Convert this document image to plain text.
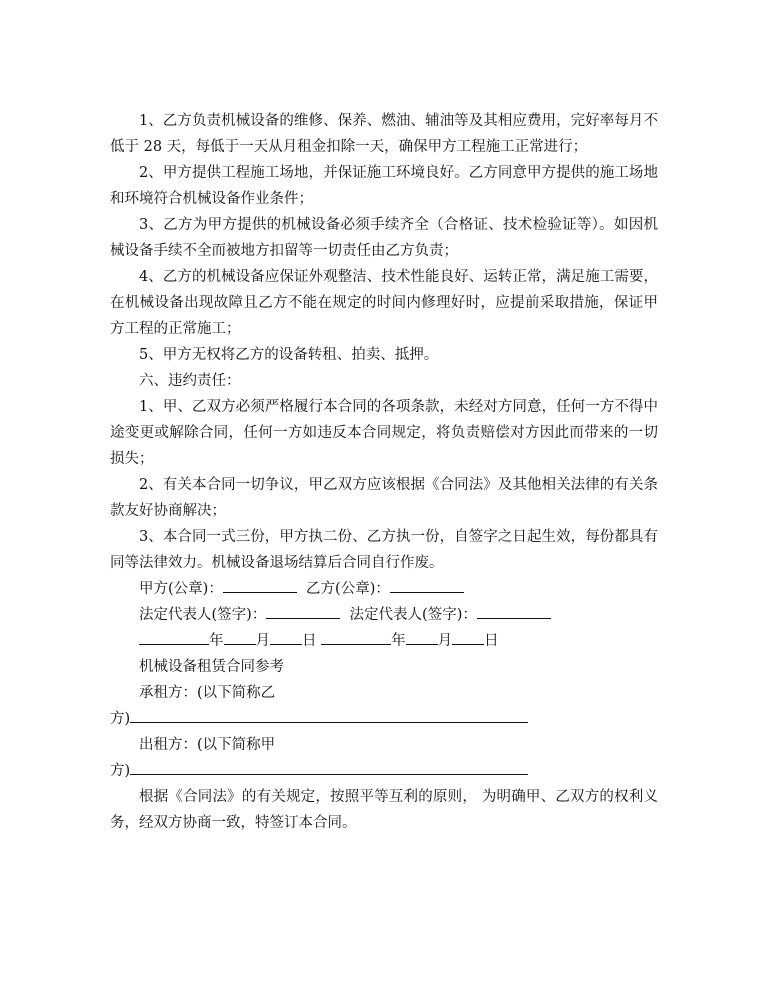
1、乙方负责机械设备的维修、保养、燃油、辅油等及其相应费用，完好率每月不低于 28 天，每低于一天从月租金扣除一天，确保甲方工程施工正常进行；

2、甲方提供工程施工场地，并保证施工环境良好。乙方同意甲方提供的施工场地和环境符合机械设备作业条件；

3、乙方为甲方提供的机械设备必须手续齐全（合格证、技术检验证等）。如因机械设备手续不全而被地方扣留等一切责任由乙方负责；

4、乙方的机械设备应保证外观整洁、技术性能良好、运转正常，满足施工需要，在机械设备出现故障且乙方不能在规定的时间内修理好时，应提前采取措施，保证甲方工程的正常施工；

5、甲方无权将乙方的设备转租、拍卖、抵押。

六、违约责任：

1、甲、乙双方必须严格履行本合同的各项条款，未经对方同意，任何一方不得中途变更或解除合同，任何一方如违反本合同规定，将负责赔偿对方因此而带来的一切损失；

2、有关本合同一切争议，甲乙双方应该根据《合同法》及其他相关法律的有关条款友好协商解决；

3、本合同一式三份，甲方执二份、乙方执一份，自签字之日起生效，每份都具有同等法律效力。机械设备退场结算后合同自行作废。

甲方(公章)：	乙方(公章)：
法定代表人(签字)：	法定代表人(签字)：
年 月 日	年 月 日
机械设备租赁合同参考
承租方：(以下简称乙
方)
出租方：(以下简称甲
方)

根据《合同法》的有关规定，按照平等互利的原则， 为明确甲、乙双方的权利义务，经双方协商一致，特签订本合同。
